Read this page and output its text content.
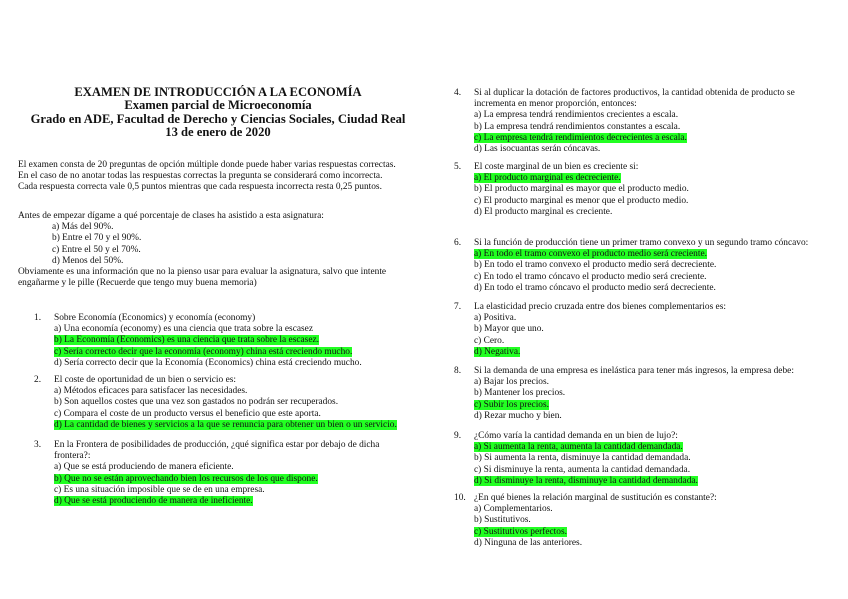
EXAMEN DE INTRODUCCIÓN A LA ECONOMÍA

Examen parcial de Microeconomía

Grado en ADE, Facultad de Derecho y Ciencias Sociales, Ciudad Real

13 de enero de 2020

El examen consta de 20 preguntas de opción múltiple donde puede haber varias respuestas correctas.

En el caso de no anotar todas las respuestas correctas la pregunta se considerará como incorrecta.

Cada respuesta correcta vale 0,5 puntos mientras que cada respuesta incorrecta resta 0,25 puntos.

Antes de empezar dígame a qué porcentaje de clases ha asistido a esta asignatura:

a) Más del 90%.

b) Entre el 70 y el 90%.

c) Entre el 50 y el 70%.

d) Menos del 50%.

Obviamente es una información que no la pienso usar para evaluar la asignatura, salvo que intente

engañarme y le pille (Recuerde que tengo muy buena memoria)

1.	Sobre Economía (Economics) y economía (economy)

a) Una economía (economy) es una ciencia que trata sobre la escasez

b) La Economía (Economics) es una ciencia que trata sobre la escasez.

c) Sería correcto decir que la economía (economy) china está creciendo mucho.

d) Sería correcto decir que la Economía (Economics) china está creciendo mucho.

2.	El coste de oportunidad de un bien o servicio es:

a) Métodos eficaces para satisfacer las necesidades.

b) Son aquellos costes que una vez son gastados no podrán ser recuperados.

c) Compara el coste de un producto versus el beneficio que este aporta.

d) La cantidad de bienes y servicios a la que se renuncia para obtener un bien o un servicio.

3.	En la Frontera de posibilidades de producción, ¿qué significa estar por debajo de dicha frontera?:

a) Que se está produciendo de manera eficiente.

b) Que no se están aprovechando bien los recursos de los que dispone.

c) Es una situación imposible que se de en una empresa.

d) Que se está produciendo de manera de ineficiente.

4.	Si al duplicar la dotación de factores productivos, la cantidad obtenida de producto se incrementa en menor proporción, entonces:

a) La empresa tendrá rendimientos crecientes a escala.

b) La empresa tendrá rendimientos constantes a escala.

c) La empresa tendrá rendimientos decrecientes a escala.

d) Las isocuantas serán cóncavas.

5.	El coste marginal de un bien es creciente si:

a) El producto marginal es decreciente.

b) El producto marginal es mayor que el producto medio.

c) El producto marginal es menor que el producto medio.

d) El producto marginal es creciente.

6.	Si la función de producción tiene un primer tramo convexo y un segundo tramo cóncavo:

a) En todo el tramo convexo el producto medio será creciente.

b) En todo el tramo convexo el producto medio será decreciente.

c) En todo el tramo cóncavo el producto medio será creciente.

d) En todo el tramo cóncavo el producto medio será decreciente.

7.	La elasticidad precio cruzada entre dos bienes complementarios es:

a) Positiva.

b) Mayor que uno.

c) Cero.

d) Negativa.

8.	Si la demanda de una empresa es inelástica para tener más ingresos, la empresa debe:

a) Bajar los precios.

b) Mantener los precios.

c) Subir los precios.

d) Rezar mucho y bien.

9.	¿Cómo varía la cantidad demanda en un bien de lujo?:

a) Si aumenta la renta, aumenta la cantidad demandada.

b) Si aumenta la renta, disminuye la cantidad demandada.

c) Si disminuye la renta, aumenta la cantidad demandada.

d) Si disminuye la renta, disminuye la cantidad demandada.

10. ¿En qué bienes la relación marginal de sustitución es constante?:

a) Complementarios.

b) Sustitutivos.

c) Sustitutivos perfectos.

d) Ninguna de las anteriores.
